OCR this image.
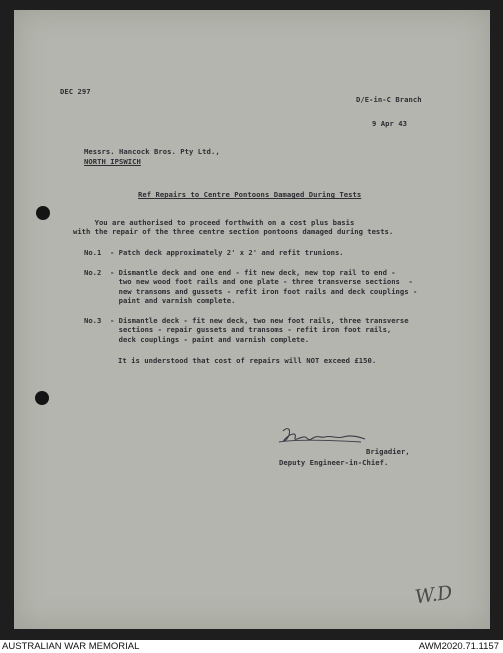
DEC 297
D/E-in-C Branch
9 Apr 43
Messrs. Hancock Bros. Pty Ltd.,
NORTH IPSWICH
Ref Repairs to Centre Pontoons Damaged During Tests
You are authorised to proceed forthwith on a cost plus basis
with the repair of the three centre section pontoons damaged during tests.
No.1  - Patch deck approximately 2' x 2' and refit trunions.
No.2  - Dismantle deck and one end - fit new deck, new top rail to end -
two new wood foot rails and one plate - three transverse sections  -
new transoms and gussets - refit iron foot rails and deck couplings -
paint and varnish complete.
No.3  - Dismantle deck - fit new deck, two new foot rails, three transverse
sections - repair gussets and transoms - refit iron foot rails,
deck couplings - paint and varnish complete.
It is understood that cost of repairs will NOT exceed £150.
Brigadier,
Deputy Engineer-in-Chief.
W.D
AUSTRALIAN WAR MEMORIAL	AWM2020.71.1157
